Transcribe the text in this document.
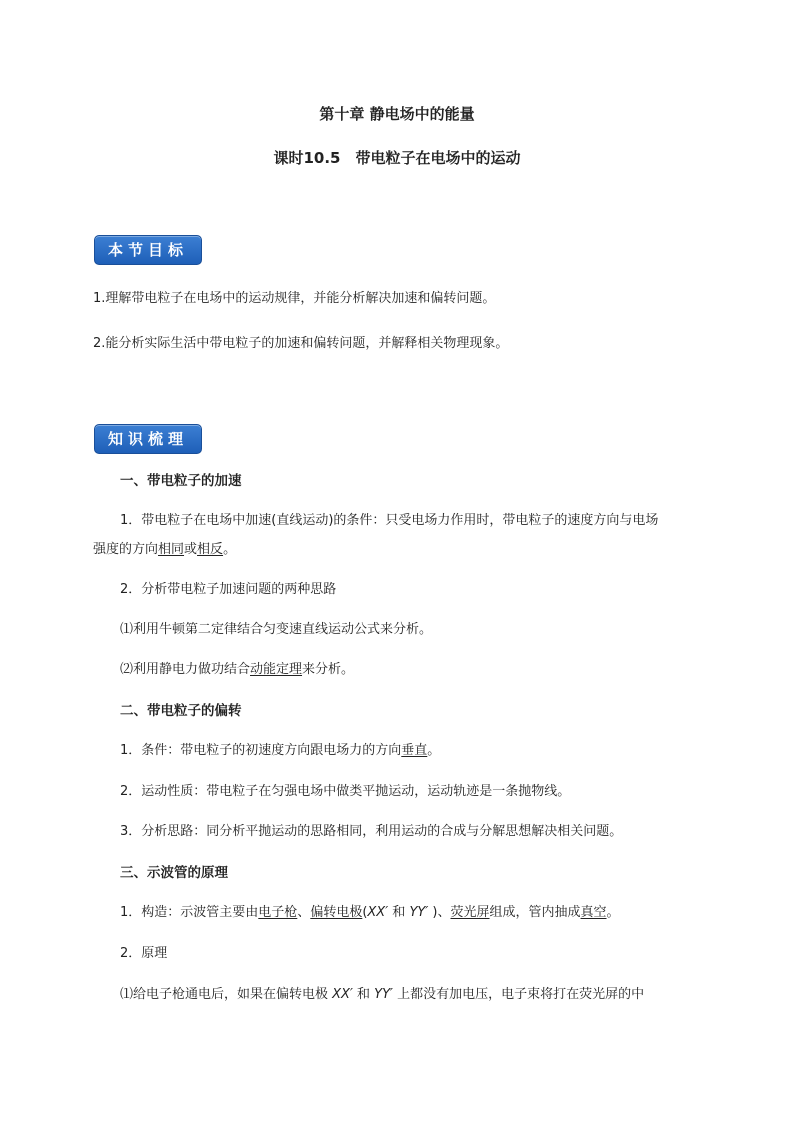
第十章 静电场中的能量
课时10.5　带电粒子在电场中的运动
本节目标
1.理解带电粒子在电场中的运动规律，并能分析解决加速和偏转问题。
2.能分析实际生活中带电粒子的加速和偏转问题，并解释相关物理现象。
知识梳理
一、带电粒子的加速
1．带电粒子在电场中加速(直线运动)的条件：只受电场力作用时，带电粒子的速度方向与电场
强度的方向相同或相反。
2．分析带电粒子加速问题的两种思路
⑴利用牛顿第二定律结合匀变速直线运动公式来分析。
⑵利用静电力做功结合动能定理来分析。
二、带电粒子的偏转
1．条件：带电粒子的初速度方向跟电场力的方向垂直。
2．运动性质：带电粒子在匀强电场中做类平抛运动，运动轨迹是一条抛物线。
3．分析思路：同分析平抛运动的思路相同，利用运动的合成与分解思想解决相关问题。
三、示波管的原理
1．构造：示波管主要由电子枪、偏转电极(XX′ 和 YY′ )、荧光屏组成，管内抽成真空。
2．原理
⑴给电子枪通电后，如果在偏转电极 XX′ 和 YY′ 上都没有加电压，电子束将打在荧光屏的中
